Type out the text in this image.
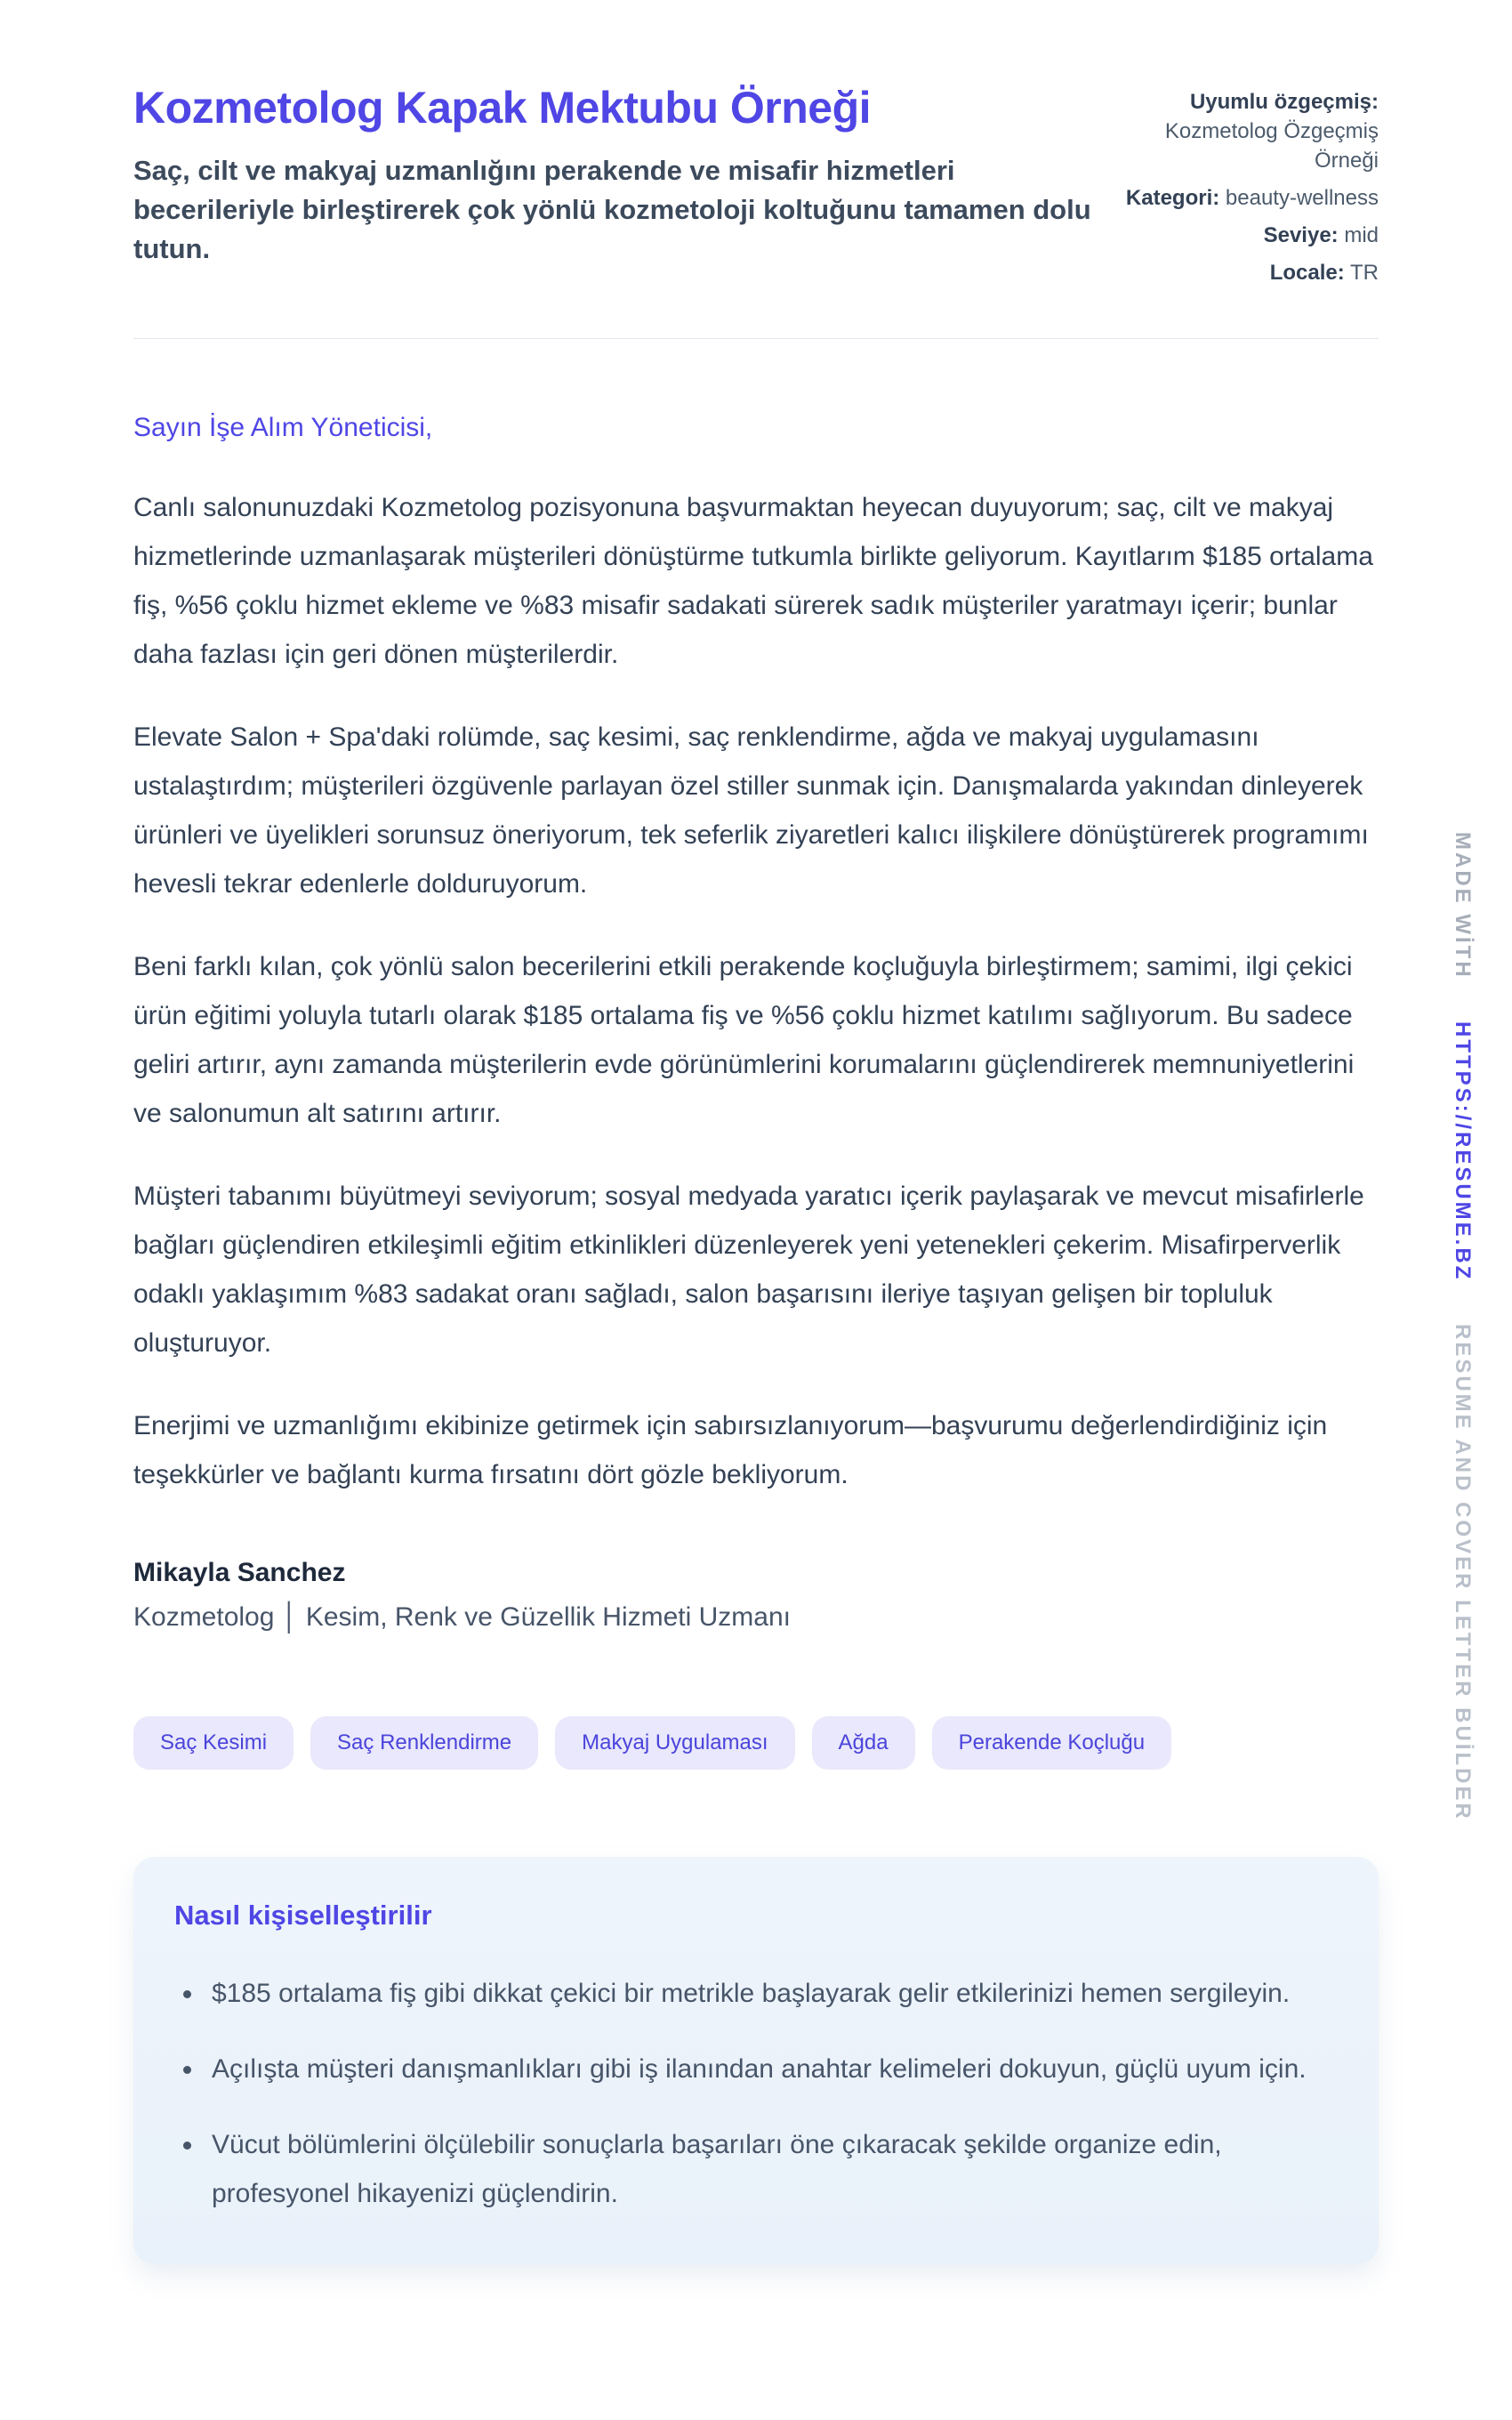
Kozmetolog Kapak Mektubu Örneği

Saç, cilt ve makyaj uzmanlığını perakende ve misafir hizmetleri becerileriyle birleştirerek çok yönlü kozmetoloji koltuğunu tamamen dolu tutun.

Uyumlu özgeçmiş: Kozmetolog Özgeçmiş Örneği
Kategori: beauty-wellness
Seviye: mid
Locale: TR
Sayın İşe Alım Yöneticisi,

Canlı salonunuzdaki Kozmetolog pozisyonuna başvurmaktan heyecan duyuyorum; saç, cilt ve makyaj hizmetlerinde uzmanlaşarak müşterileri dönüştürme tutkumla birlikte geliyorum. Kayıtlarım $185 ortalama fiş, %56 çoklu hizmet ekleme ve %83 misafir sadakati sürerek sadık müşteriler yaratmayı içerir; bunlar daha fazlası için geri dönen müşterilerdir.

Elevate Salon + Spa'daki rolümde, saç kesimi, saç renklendirme, ağda ve makyaj uygulamasını ustalaştırdım; müşterileri özgüvenle parlayan özel stiller sunmak için. Danışmalarda yakından dinleyerek ürünleri ve üyelikleri sorunsuz öneriyorum, tek seferlik ziyaretleri kalıcı ilişkilere dönüştürerek programımı hevesli tekrar edenlerle dolduruyorum.

Beni farklı kılan, çok yönlü salon becerilerini etkili perakende koçluğuyla birleştirmem; samimi, ilgi çekici ürün eğitimi yoluyla tutarlı olarak $185 ortalama fiş ve %56 çoklu hizmet katılımı sağlıyorum. Bu sadece geliri artırır, aynı zamanda müşterilerin evde görünümlerini korumalarını güçlendirerek memnuniyetlerini ve salonumun alt satırını artırır.

Müşteri tabanımı büyütmeyi seviyorum; sosyal medyada yaratıcı içerik paylaşarak ve mevcut misafirlerle bağları güçlendiren etkileşimli eğitim etkinlikleri düzenleyerek yeni yetenekleri çekerim. Misafirperverlik odaklı yaklaşımım %83 sadakat oranı sağladı, salon başarısını ileriye taşıyan gelişen bir topluluk oluşturuyor.

Enerjimi ve uzmanlığımı ekibinize getirmek için sabırsızlanıyorum—başvurumu değerlendirdiğiniz için teşekkürler ve bağlantı kurma fırsatını dört gözle bekliyorum.

Mikayla Sanchez
Kozmetolog │ Kesim, Renk ve Güzellik Hizmeti Uzmanı
Saç Kesimi	Saç Renklendirme	Makyaj Uygulaması	Ağda	Perakende Koçluğu
Nasıl kişiselleştirilir
$185 ortalama fiş gibi dikkat çekici bir metrikle başlayarak gelir etkilerinizi hemen sergileyin.
Açılışta müşteri danışmanlıkları gibi iş ilanından anahtar kelimeleri dokuyun, güçlü uyum için.
Vücut bölümlerini ölçülebilir sonuçlarla başarıları öne çıkaracak şekilde organize edin, profesyonel hikayenizi güçlendirin.
MADE WİTH HTTPS://RESUME.BZ RESUME AND COVER LETTER BUİLDER
